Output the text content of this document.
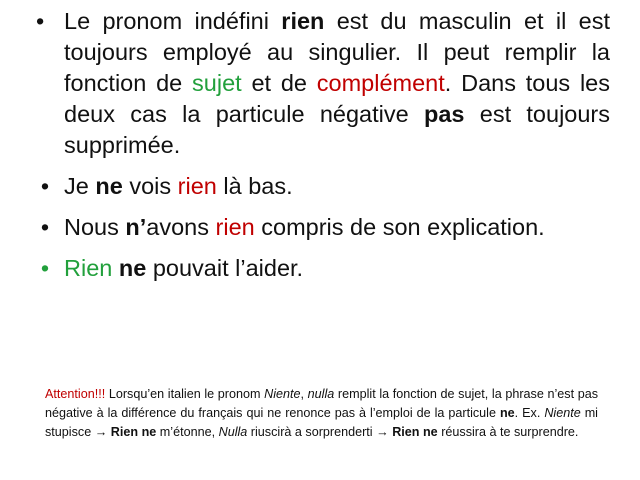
• Le pronom indéfini rien est du masculin et il est toujours employé au singulier. Il peut remplir la fonction de sujet et de complément. Dans tous les deux cas la particule négative pas est toujours supprimée.
• Je ne vois rien là bas.
• Nous n’avons rien compris de son explication.
• Rien ne pouvait l’aider.
Attention!!! Lorsqu’en italien le pronom Niente, nulla remplit la fonction de sujet, la phrase n’est pas négative à la différence du français qui ne renonce pas à l’emploi de la particule ne. Ex. Niente mi stupisce → Rien ne m’étonne, Nulla riuscirà a sorprenderti → Rien ne réussira à te surprendre.
